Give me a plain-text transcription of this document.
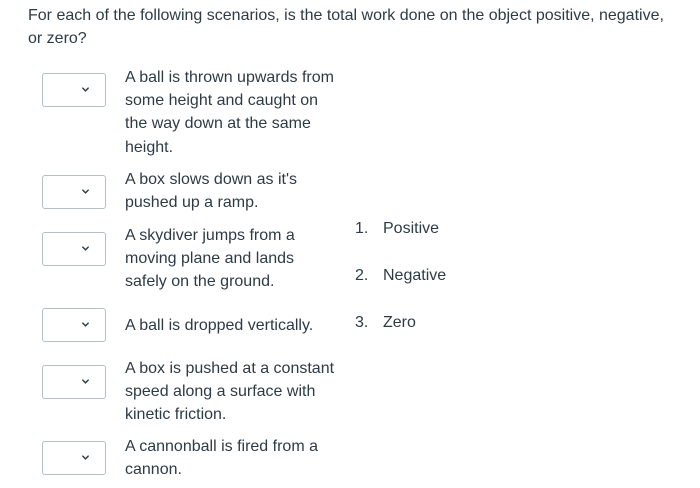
For each of the following scenarios, is the total work done on the object positive, negative, or zero?
A ball is thrown upwards from some height and caught on the way down at the same height.
A box slows down as it's pushed up a ramp.
A skydiver jumps from a moving plane and lands safely on the ground.
A ball is dropped vertically.
A box is pushed at a constant speed along a surface with kinetic friction.
A cannonball is fired from a cannon.
1. Positive
2. Negative
3. Zero
